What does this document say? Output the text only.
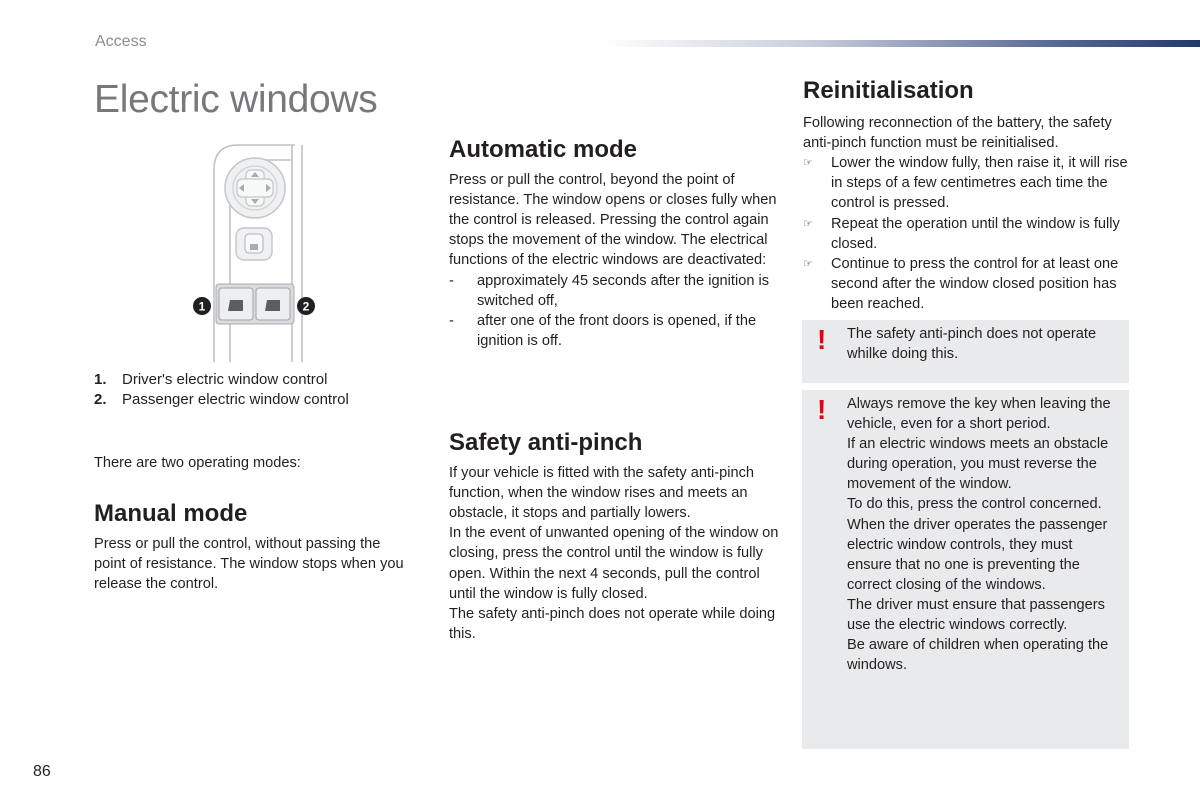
Access
Electric windows
1	2
1. Driver's electric window control
2. Passenger electric window control

There are two operating modes:

Manual mode

Press or pull the control, without passing the point of resistance. The window stops when you release the control.

Automatic mode

Press or pull the control, beyond the point of resistance. The window opens or closes fully when the control is released. Pressing the control again stops the movement of the window. The electrical functions of the electric windows are deactivated:

-	approximately 45 seconds after the ignition is switched off,
-	after one of the front doors is opened, if the ignition is off.
Safety anti-pinch

If your vehicle is fitted with the safety anti-pinch function, when the window rises and meets an obstacle, it stops and partially lowers.
In the event of unwanted opening of the window on closing, press the control until the window is fully open. Within the next 4 seconds, pull the control until the window is fully closed.
The safety anti-pinch does not operate while doing this.

Reinitialisation

Following reconnection of the battery, the safety anti-pinch function must be reinitialised.

☞	Lower the window fully, then raise it, it will rise in steps of a few centimetres each time the control is pressed.
☞	Repeat the operation until the window is fully closed.
☞	Continue to press the control for at least one second after the window closed position has been reached.
! The safety anti-pinch does not operate whilke doing this.

! Always remove the key when leaving the vehicle, even for a short period.
If an electric windows meets an obstacle during operation, you must reverse the movement of the window.
To do this, press the control concerned.
When the driver operates the passenger electric window controls, they must ensure that no one is preventing the correct closing of the windows.
The driver must ensure that passengers use the electric windows correctly.
Be aware of children when operating the windows.

86
